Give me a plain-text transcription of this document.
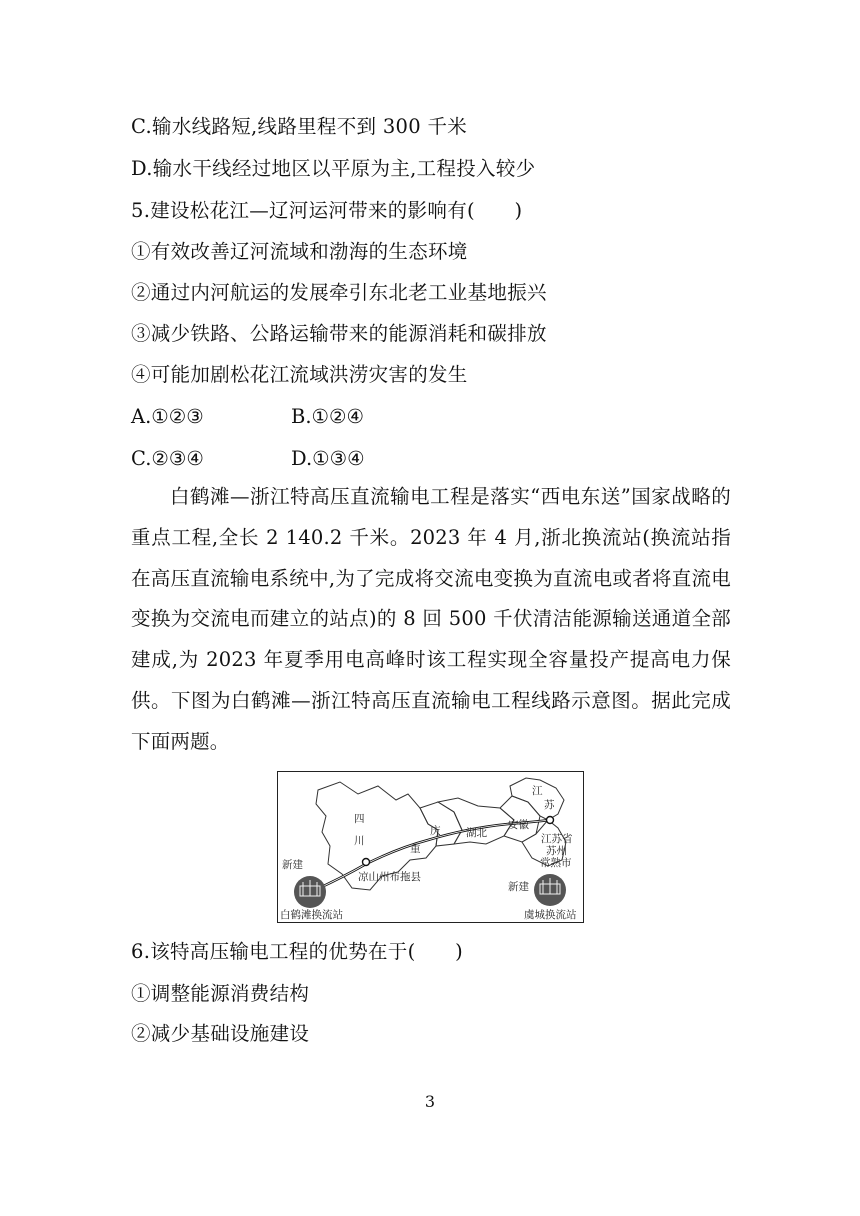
C.输水线路短,线路里程不到 300 千米
D.输水干线经过地区以平原为主,工程投入较少
5.建设松花江—辽河运河带来的影响有(　　)
①有效改善辽河流域和渤海的生态环境
②通过内河航运的发展牵引东北老工业基地振兴
③减少铁路、公路运输带来的能源消耗和碳排放
④可能加剧松花江流域洪涝灾害的发生
A.①②③	B.①②④
C.②③④	D.①③④
白鹤滩—浙江特高压直流输电工程是落实“西电东送”国家战略的重点工程,全长 2 140.2 千米。2023 年 4 月,浙北换流站(换流站指在高压直流输电系统中,为了完成将交流电变换为直流电或者将直流电变换为交流电而建立的站点)的 8 回 500 千伏清洁能源输送通道全部建成,为 2023 年夏季用电高峰时该工程实现全容量投产提高电力保供。下图为白鹤滩—浙江特高压直流输电工程线路示意图。据此完成下面两题。
四
川
庆
重
湖北
安徽
江
苏
江苏省
苏州
常熟市
凉山州布拖县
新建
新建
白鹤滩换流站	虞城换流站
6.该特高压输电工程的优势在于(　　)
①调整能源消费结构
②减少基础设施建设
3
